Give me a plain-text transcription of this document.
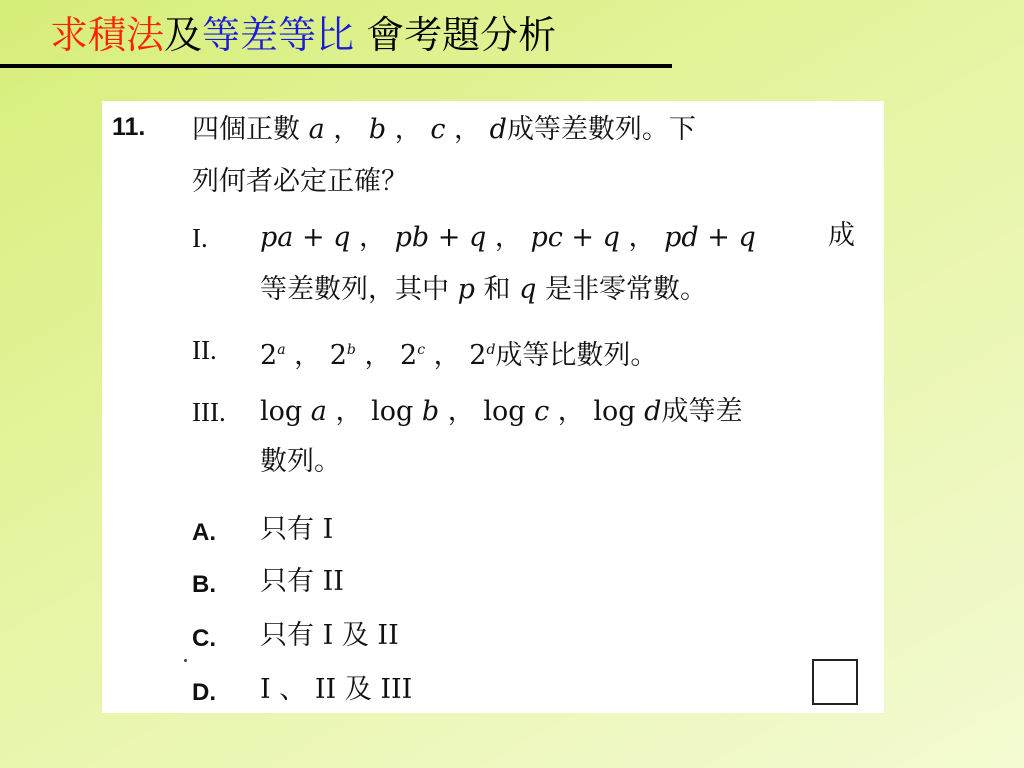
求積法及等差等比 會考題分析
11. 四個正數 a ， b ， c ， d成等差數列。下
列何者必定正確？
I. pa + q ， pb + q ， pc + q ， pd + q	成
等差數列，其中 p 和 q 是非零常數。
II. 2$^a$ ， 2$^b$ ， 2$^c$ ， 2$^d$成等比數列。
III. log a ， log b ， log c ， log d成等差
數列。
A. 只有 I
B. 只有 II
C. 只有 I 及 II
D. I 、 II 及 III
